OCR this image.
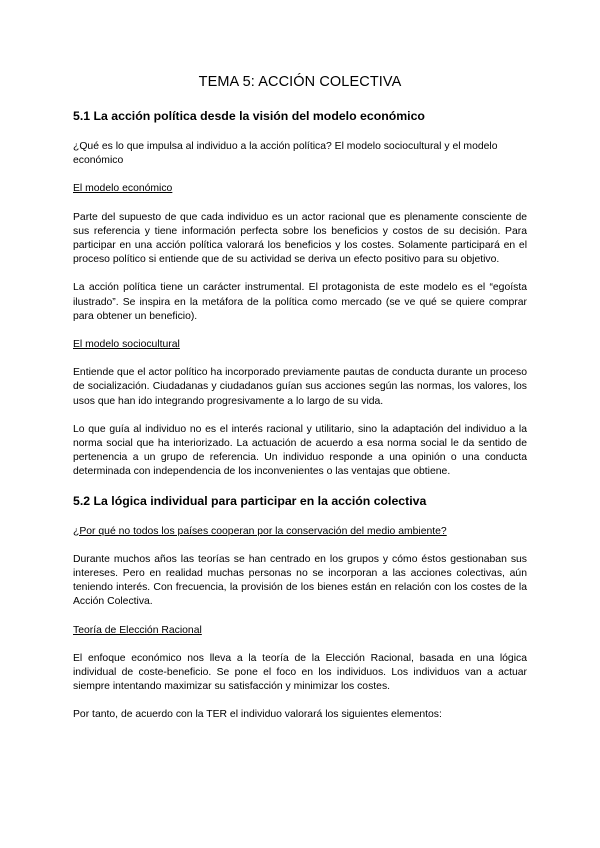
TEMA 5: ACCIÓN COLECTIVA
5.1 La acción política desde la visión del modelo económico

¿Qué es lo que impulsa al individuo a la acción política? El modelo sociocultural y el modelo económico

El modelo económico

Parte del supuesto de que cada individuo es un actor racional que es plenamente consciente de sus referencia y tiene información perfecta sobre los beneficios y costos de su decisión. Para participar en una acción política valorará los beneficios y los costes. Solamente participará en el proceso político si entiende que de su actividad se deriva un efecto positivo para su objetivo.

La acción política tiene un carácter instrumental. El protagonista de este modelo es el “egoísta ilustrado”. Se inspira en la metáfora de la política como mercado (se ve qué se quiere comprar para obtener un beneficio).

El modelo sociocultural

Entiende que el actor político ha incorporado previamente pautas de conducta durante un proceso de socialización. Ciudadanas y ciudadanos guían sus acciones según las normas, los valores, los usos que han ido integrando progresivamente a lo largo de su vida.

Lo que guía al individuo no es el interés racional y utilitario, sino la adaptación del individuo a la norma social que ha interiorizado. La actuación de acuerdo a esa norma social le da sentido de pertenencia a un grupo de referencia. Un individuo responde a una opinión o una conducta determinada con independencia de los inconvenientes o las ventajas que obtiene.

5.2 La lógica individual para participar en la acción colectiva
¿Por qué no todos los países cooperan por la conservación del medio ambiente?

Durante muchos años las teorías se han centrado en los grupos y cómo éstos gestionaban sus intereses. Pero en realidad muchas personas no se incorporan a las acciones colectivas, aún teniendo interés. Con frecuencia, la provisión de los bienes están en relación con los costes de la Acción Colectiva.

Teoría de Elección Racional

El enfoque económico nos lleva a la teoría de la Elección Racional, basada en una lógica individual de coste-beneficio. Se pone el foco en los individuos. Los individuos van a actuar siempre intentando maximizar su satisfacción y minimizar los costes.

Por tanto, de acuerdo con la TER el individuo valorará los siguientes elementos:
